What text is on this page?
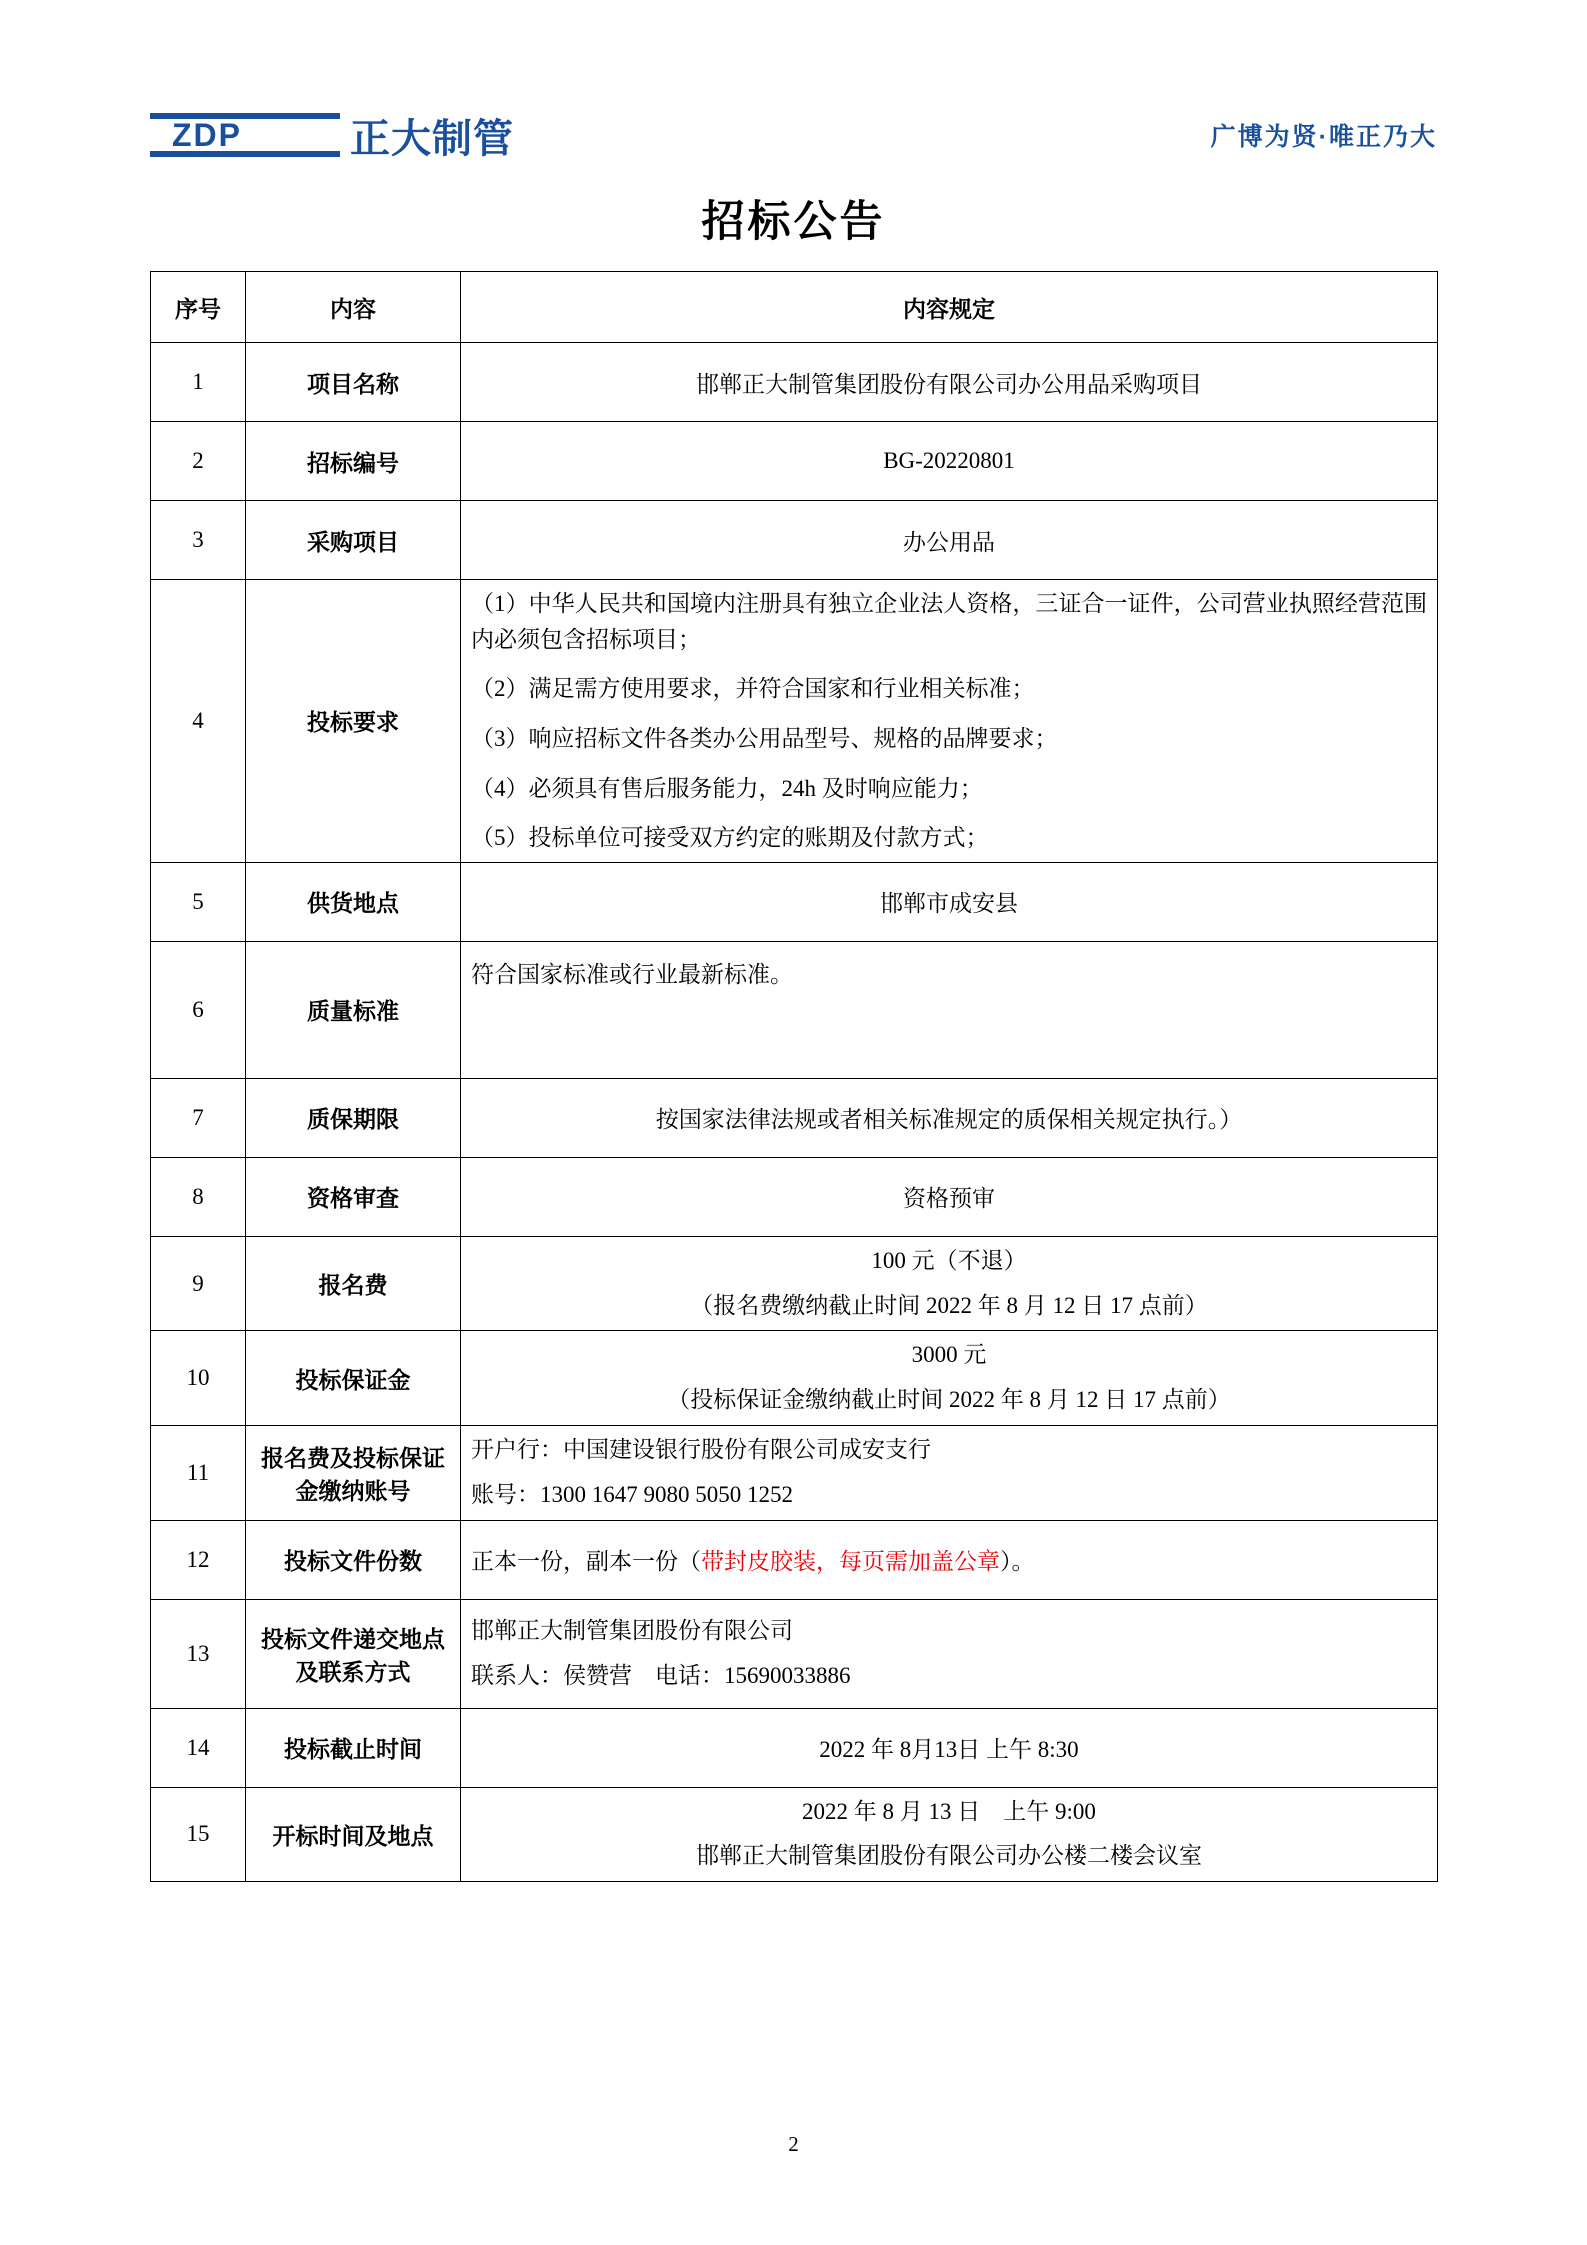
ZDP	正大制管	广博为贤·唯正乃大
招标公告
序号	内容	内容规定
1	项目名称	邯郸正大制管集团股份有限公司办公用品采购项目
2	招标编号	BG-20220801
3	采购项目	办公用品
4	投标要求	（1）中华人民共和国境内注册具有独立企业法人资格，三证合一证件，公司营业执照经营范围内必须包含招标项目；

（2）满足需方使用要求，并符合国家和行业相关标准；

（3）响应招标文件各类办公用品型号、规格的品牌要求；

（4）必须具有售后服务能力，24h 及时响应能力；

（5）投标单位可接受双方约定的账期及付款方式；

5	供货地点	邯郸市成安县
6	质量标准	符合国家标准或行业最新标准。
7	质保期限	按国家法律法规或者相关标准规定的质保相关规定执行。）
8	资格审查	资格预审
9	报名费	100 元（不退）

（报名费缴纳截止时间 2022 年 8 月 12 日 17 点前）

10	投标保证金	3000 元

（投标保证金缴纳截止时间 2022 年 8 月 12 日 17 点前）

11	报名费及投标保证金缴纳账号	开户行：中国建设银行股份有限公司成安支行

账号：1300 1647 9080 5050 1252

12	投标文件份数	正本一份，副本一份（带封皮胶装，每页需加盖公章）。
13	投标文件递交地点及联系方式	邯郸正大制管集团股份有限公司

联系人：侯赞营　电话：15690033886

14	投标截止时间	2022 年 8月13日 上午 8:30
15	开标时间及地点	2022 年 8 月 13 日　上午 9:00

邯郸正大制管集团股份有限公司办公楼二楼会议室

2
